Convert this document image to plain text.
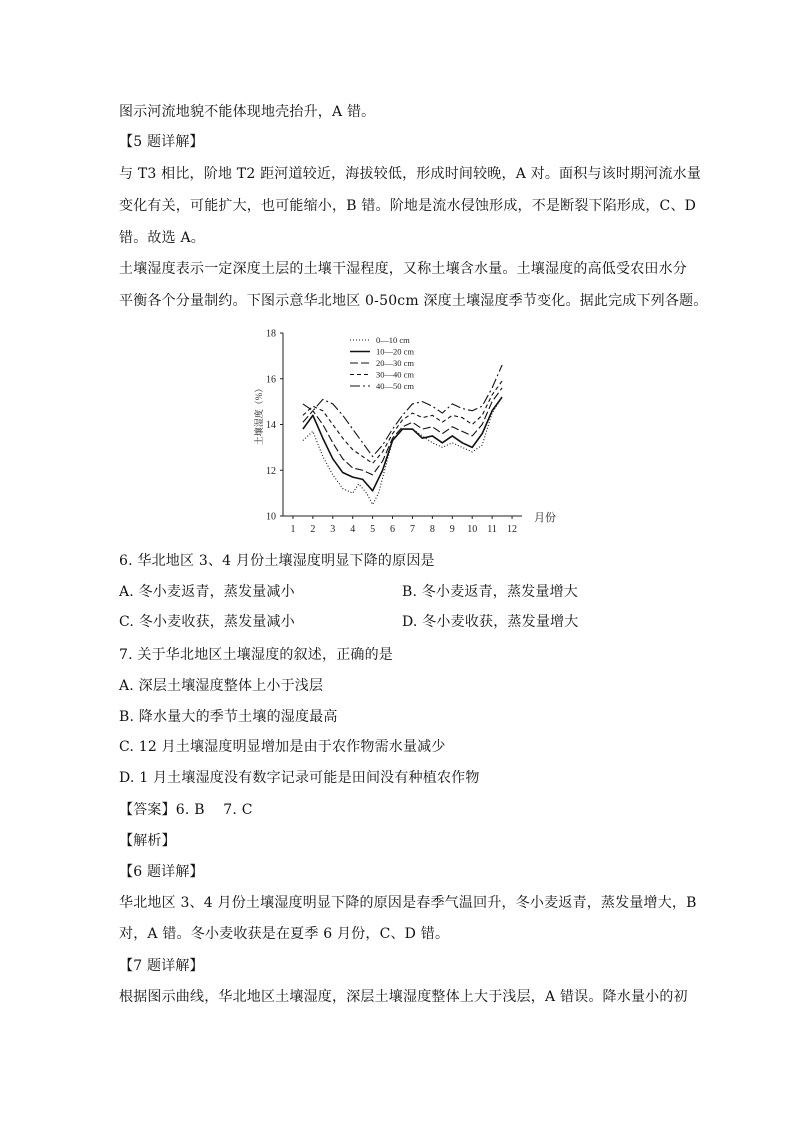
图示河流地貌不能体现地壳抬升，A 错。
【5 题详解】
与 T3 相比，阶地 T2 距河道较近，海拔较低，形成时间较晚，A 对。面积与该时期河流水量
变化有关，可能扩大，也可能缩小，B 错。阶地是流水侵蚀形成，不是断裂下陷形成，C、D
错。故选 A。
土壤湿度表示一定深度土层的土壤干湿程度，又称土壤含水量。土壤湿度的高低受农田水分
平衡各个分量制约。下图示意华北地区 0-50cm 深度土壤湿度季节变化。据此完成下列各题。
10
12
14
16
18
1 2 3 4 5 6 7 8 9 10 11 12
月份
土壤湿度（%）
0—10 cm
10—20 cm
20—30 cm
30—40 cm
40—50 cm
6. 华北地区 3、4 月份土壤湿度明显下降的原因是
A. 冬小麦返青，蒸发量减小	B. 冬小麦返青，蒸发量增大
C. 冬小麦收获，蒸发量减小	D. 冬小麦收获，蒸发量增大
7. 关于华北地区土壤湿度的叙述，正确的是
A. 深层土壤湿度整体上小于浅层
B. 降水量大的季节土壤的湿度最高
C. 12 月土壤湿度明显增加是由于农作物需水量减少
D. 1 月土壤湿度没有数字记录可能是田间没有种植农作物
【答案】6. B    7. C
【解析】
【6 题详解】
华北地区 3、4 月份土壤湿度明显下降的原因是春季气温回升，冬小麦返青，蒸发量增大，B
对，A 错。冬小麦收获是在夏季 6 月份，C、D 错。
【7 题详解】
根据图示曲线，华北地区土壤湿度，深层土壤湿度整体上大于浅层，A 错误。降水量小的初
